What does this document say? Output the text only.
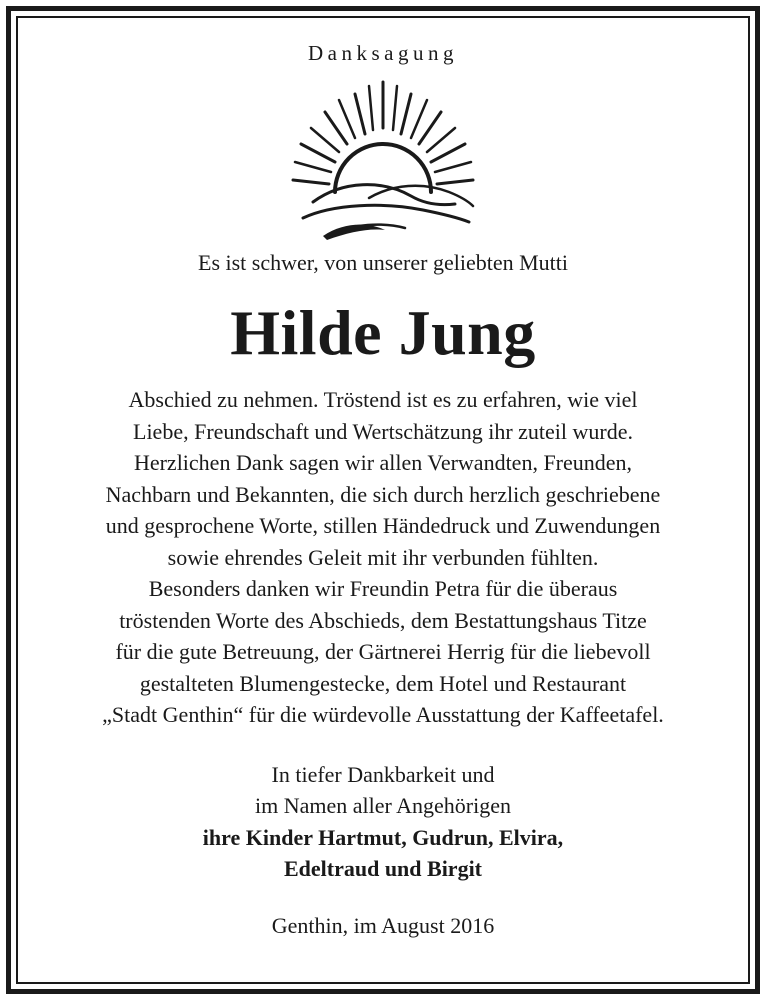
Danksagung
Es ist schwer, von unserer geliebten Mutti
Hilde Jung
Abschied zu nehmen. Tröstend ist es zu erfahren, wie viel
Liebe, Freundschaft und Wertschätzung ihr zuteil wurde.
Herzlichen Dank sagen wir allen Verwandten, Freunden,
Nachbarn und Bekannten, die sich durch herzlich geschriebene
und gesprochene Worte, stillen Händedruck und Zuwendungen
sowie ehrendes Geleit mit ihr verbunden fühlten.
Besonders danken wir Freundin Petra für die überaus
tröstenden Worte des Abschieds, dem Bestattungshaus Titze
für die gute Betreuung, der Gärtnerei Herrig für die liebevoll
gestalteten Blumengestecke, dem Hotel und Restaurant
„Stadt Genthin“ für die würdevolle Ausstattung der Kaffeetafel.
In tiefer Dankbarkeit und
im Namen aller Angehörigen
ihre Kinder Hartmut, Gudrun, Elvira,
Edeltraud und Birgit
Genthin, im August 2016
